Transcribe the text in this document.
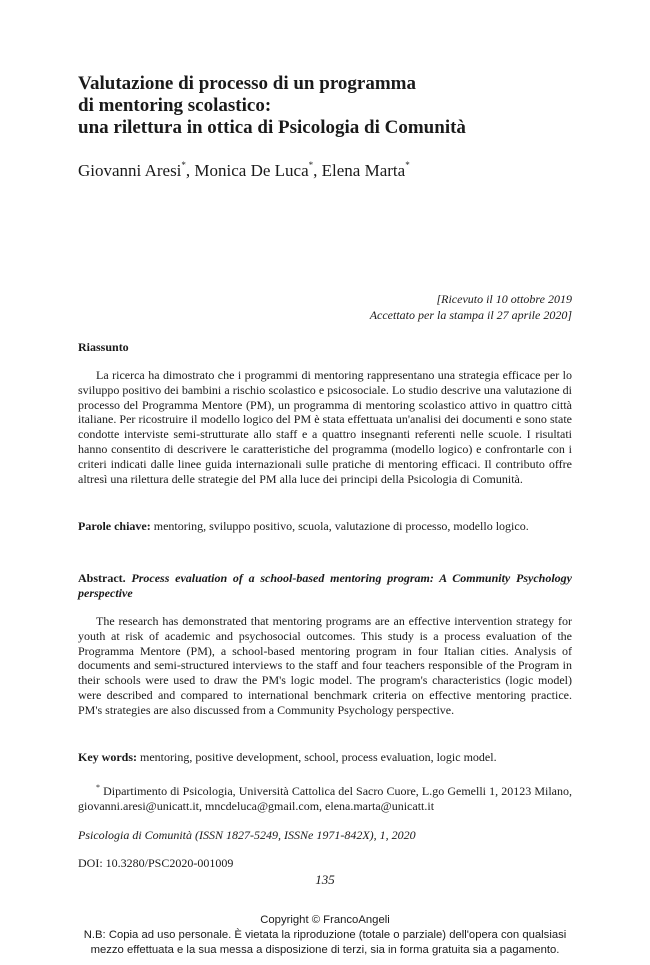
Valutazione di processo di un programma
di mentoring scolastico:
una rilettura in ottica di Psicologia di Comunità
Giovanni Aresi*, Monica De Luca*, Elena Marta*
[Ricevuto il 10 ottobre 2019
Accettato per la stampa il 27 aprile 2020]
Riassunto

La ricerca ha dimostrato che i programmi di mentoring rappresentano una strategia efficace per lo sviluppo positivo dei bambini a rischio scolastico e psicosociale. Lo studio descrive una valutazione di processo del Programma Mentore (PM), un programma di mentoring scolastico attivo in quattro città italiane. Per ricostruire il modello logico del PM è stata effettuata un'analisi dei documenti e sono state condotte interviste semi-strutturate allo staff e a quattro insegnanti referenti nelle scuole. I risultati hanno consentito di descrivere le caratteristiche del programma (modello logico) e confrontarle con i criteri indicati dalle linee guida internazionali sulle pratiche di mentoring efficaci. Il contributo offre altresì una rilettura delle strategie del PM alla luce dei principi della Psicologia di Comunità.

Parole chiave: mentoring, sviluppo positivo, scuola, valutazione di processo, modello logico.
Abstract. Process evaluation of a school-based mentoring program: A Community Psychology perspective

The research has demonstrated that mentoring programs are an effective intervention strategy for youth at risk of academic and psychosocial outcomes. This study is a process evaluation of the Programma Mentore (PM), a school-based mentoring program in four Italian cities. Analysis of documents and semi-structured interviews to the staff and four teachers responsible of the Program in their schools were used to draw the PM's logic model. The program's characteristics (logic model) were described and compared to international benchmark criteria on effective mentoring practice. PM's strategies are also discussed from a Community Psychology perspective.

Key words: mentoring, positive development, school, process evaluation, logic model.
* Dipartimento di Psicologia, Università Cattolica del Sacro Cuore, L.go Gemelli 1, 20123 Milano, giovanni.aresi@unicatt.it, mncdeluca@gmail.com, elena.marta@unicatt.it
Psicologia di Comunità (ISSN 1827-5249, ISSNe 1971-842X), 1, 2020
DOI: 10.3280/PSC2020-001009
135
Copyright © FrancoAngeli
N.B: Copia ad uso personale. È vietata la riproduzione (totale o parziale) dell'opera con qualsiasi
mezzo effettuata e la sua messa a disposizione di terzi, sia in forma gratuita sia a pagamento.
